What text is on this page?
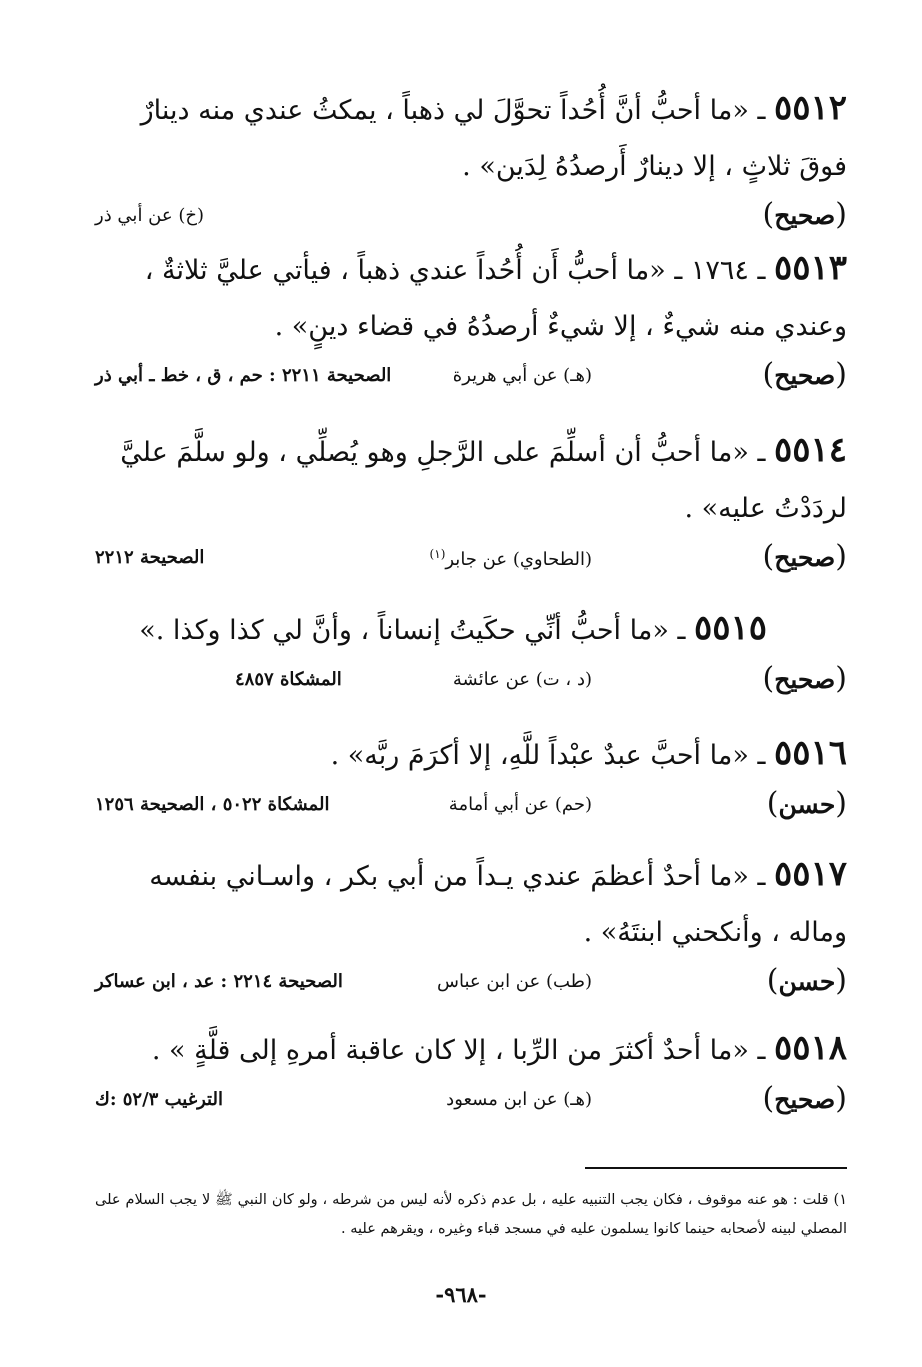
٥٥١٢ ـ «ما أحبُّ أنَّ أُحُداً تحوَّلَ لي ذهباً ، يمكثُ عندي منه دينارٌ
فوقَ ثلاثٍ ، إلا دينارٌ أَرصدُهُ لِدَين» .
(صحيح)
(خ) عن أبي ذر
٥٥١٣ ـ ١٧٦٤ ـ «ما أحبُّ أَن أُحُداً عندي ذهباً ، فيأتي عليَّ ثلاثةٌ ،
وعندي منه شيءٌ ، إلا شيءٌ أرصدُهُ في قضاء دينٍ» .
(صحيح)
(هـ) عن أبي هريرة
الصحيحة ٢٢١١ : حم ، ق ، خط ـ أبي ذر
٥٥١٤ ـ «ما أحبُّ أن أسلِّمَ على الرَّجلِ وهو يُصلِّي ، ولو سلَّمَ عليَّ
لردَدْتُ عليه» .
(صحيح)
(الطحاوي) عن جابر$^{(١)}$
الصحيحة ٢٢١٢
٥٥١٥ ـ «ما أحبُّ أنِّي حكَيتُ إنساناً ، وأنَّ لي كذا وكذا .»
(صحيح)
(د ، ت) عن عائشة
المشكاة ٤٨٥٧
٥٥١٦ ـ «ما أحبَّ عبدٌ عبْداً للَّهِ، إلا أكرَمَ ربَّه» .
(حسن)
(حم) عن أبي أمامة
المشكاة ٥٠٢٢ ، الصحيحة ١٢٥٦
٥٥١٧ ـ «ما أحدٌ أعظمَ عندي يـداً من أبي بكر ، واسـاني بنفسه
وماله ، وأنكحني ابنتَهُ» .
(حسن)
(طب) عن ابن عباس
الصحيحة ٢٢١٤ : عد ، ابن عساكر
٥٥١٨ ـ «ما أحدٌ أكثرَ من الرِّبا ، إلا كان عاقبة أمرهِ إلى قلَّةٍ » .
(صحيح)
(هـ) عن ابن مسعود
الترغيب ٥٢/٣ :ك
١) قلت : هو عنه موقوف ، فكان يجب التنبيه عليه ، بل عدم ذكره لأنه ليس من شرطه ، ولو كان النبي ﷺ لا يجب السلام على المصلي لبينه لأصحابه حينما كانوا يسلمون عليه في مسجد قباء وغيره ، ويقرهم عليه .
-٩٦٨-
